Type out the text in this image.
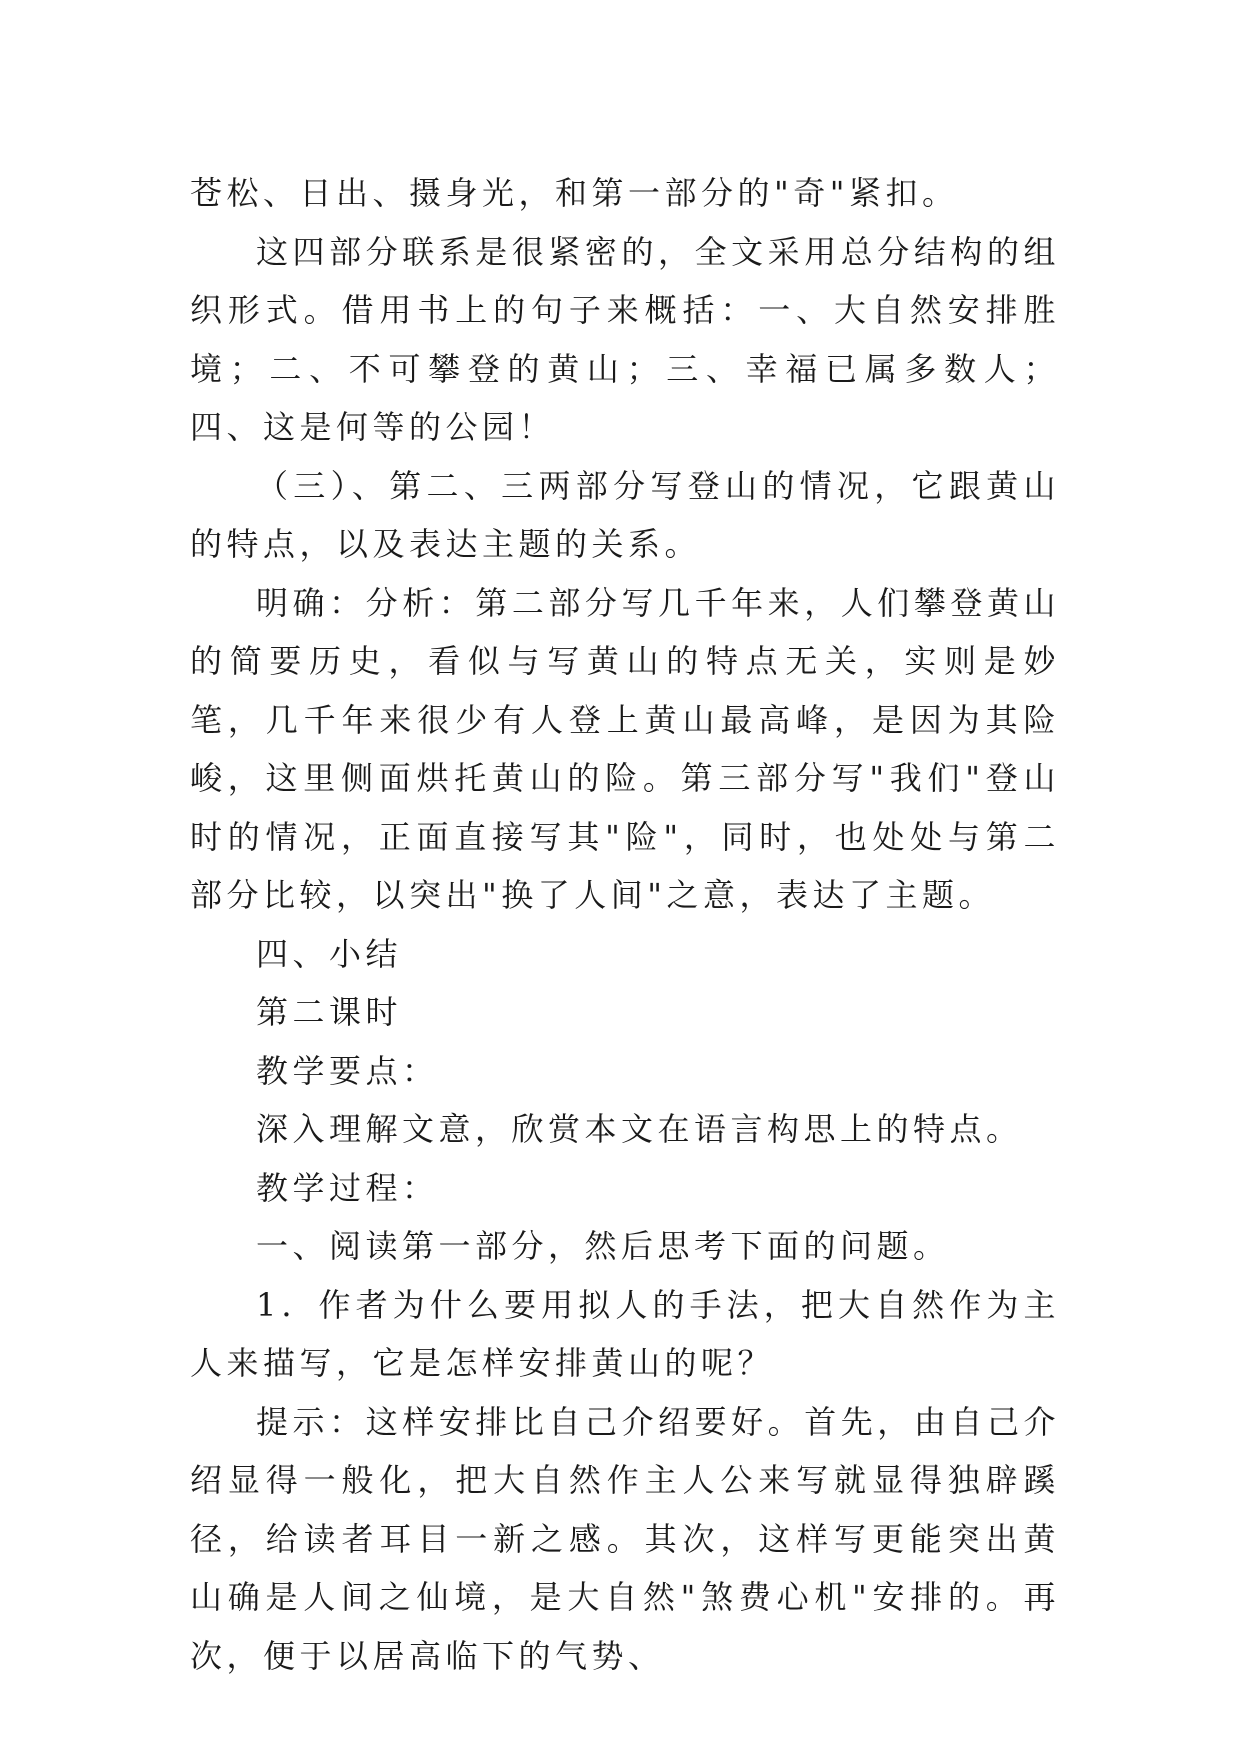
苍松、日出、摄身光，和第一部分的"奇"紧扣。

这四部分联系是很紧密的，全文采用总分结构的组织形式。借用书上的句子来概括：一、大自然安排胜境；二、不可攀登的黄山；三、幸福已属多数人；四、这是何等的公园！

（三）、第二、三两部分写登山的情况，它跟黄山的特点，以及表达主题的关系。

明确：分析：第二部分写几千年来，人们攀登黄山的简要历史，看似与写黄山的特点无关，实则是妙笔，几千年来很少有人登上黄山最高峰，是因为其险峻，这里侧面烘托黄山的险。第三部分写"我们"登山时的情况，正面直接写其"险"，同时，也处处与第二部分比较，以突出"换了人间"之意，表达了主题。

四、小结

第二课时

教学要点：

深入理解文意，欣赏本文在语言构思上的特点。

教学过程：

一、阅读第一部分，然后思考下面的问题。

1．作者为什么要用拟人的手法，把大自然作为主人来描写，它是怎样安排黄山的呢？

提示：这样安排比自己介绍要好。首先，由自己介绍显得一般化，把大自然作主人公来写就显得独辟蹊径，给读者耳目一新之感。其次，这样写更能突出黄山确是人间之仙境，是大自然"煞费心机"安排的。再次，便于以居高临下的气势、
